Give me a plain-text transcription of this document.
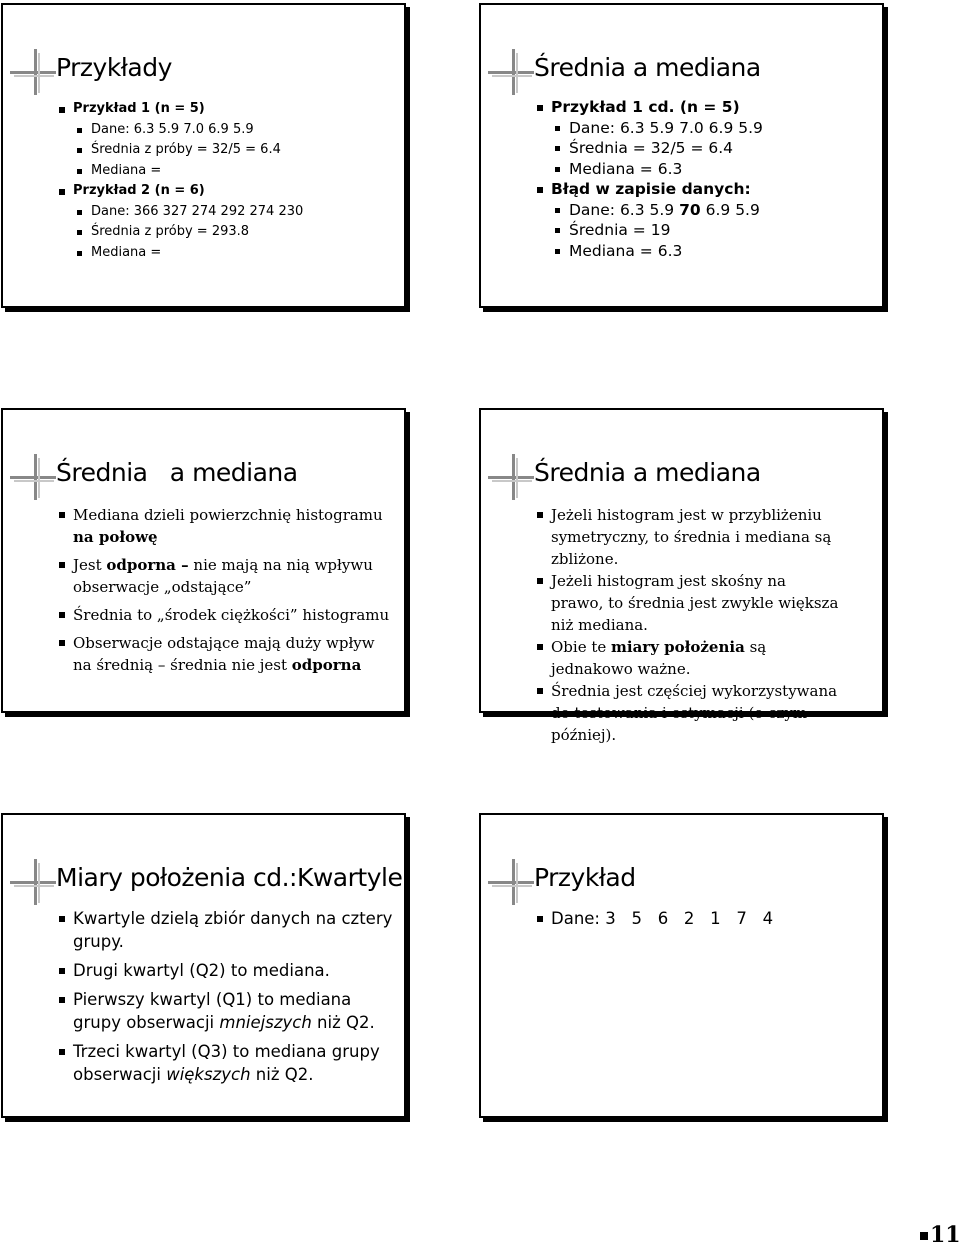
Przykłady
Przykład 1 (n = 5)
Dane: 6.3 5.9 7.0 6.9 5.9
Średnia z próby = 32/5 = 6.4
Mediana =
Przykład 2 (n = 6)
Dane: 366 327 274 292 274 230
Średnia z próby = 293.8
Mediana =
Średnia a mediana
Przykład 1 cd. (n = 5)
Dane: 6.3 5.9 7.0 6.9 5.9
Średnia = 32/5 = 6.4
Mediana = 6.3
Błąd w zapisie danych:
Dane: 6.3 5.9 70 6.9 5.9
Średnia = 19
Mediana = 6.3
Średnia   a mediana
Mediana dzieli powierzchnię histogramu
na połowę
Jest odporna – nie mają na nią wpływu obserwacje „odstające”
Średnia to „środek ciężkości” histogramu
Obserwacje odstające mają duży wpływ na średnią – średnia nie jest odporna
Średnia a mediana
Jeżeli histogram jest w przybliżeniu symetryczny, to średnia i mediana są zbliżone.
Jeżeli histogram jest skośny na prawo, to średnia jest zwykle większa niż mediana.
Obie te miary położenia są jednakowo ważne.
Średnia jest częściej wykorzystywana do testowania i estymacji (o czym później).
Miary położenia cd.:Kwartyle
Kwartyle dzielą zbiór danych na cztery grupy.
Drugi kwartyl (Q2) to mediana.
Pierwszy kwartyl (Q1) to mediana grupy obserwacji mniejszych niż Q2.
Trzeci kwartyl (Q3) to mediana grupy obserwacji większych niż Q2.
Przykład
Dane: 3   5   6   2   1   7   4
11
